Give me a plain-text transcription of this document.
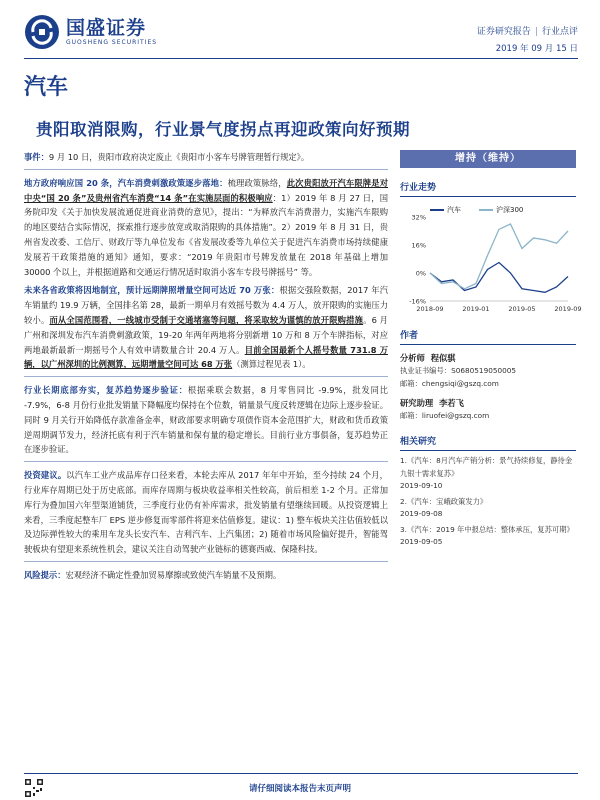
国盛证券
GUOSHENG SECURITIES
证券研究报告 | 行业点评
2019 年 09 月 15 日
汽车
贵阳取消限购，行业景气度拐点再迎政策向好预期

事件：9 月 10 日，贵阳市政府决定废止《贵阳市小客车号牌管理暂行规定》。

地方政府响应国 20 条，汽车消费刺激政策逐步落地：梳理政策脉络，此次贵阳放开汽车限牌是对中央“国 20 条”及贵州省汽车消费“14 条”在实施层面的积极响应：1）2019 年 8 月 27 日，国务院印发《关于加快发展流通促进商业消费的意见》，提出：“为释放汽车消费潜力，实施汽车限购的地区要结合实际情况，探索推行逐步放宽或取消限购的具体措施”。2）2019 年 8 月 31 日，贵州省发改委、工信厅、财政厅等九单位发布《省发展改委等九单位关于促进汽车消费市场持续健康发展若干政策措施的通知》通知，要求：“2019 年贵阳市号牌发放量在 2018 年基础上增加 30000 个以上，并根据道路和交通运行情况适时取消小客车专段号牌摇号” 等。

未来各省政策将因地制宜，预计远期牌照增量空间可达近 70 万张：根据交强险数据，2017 年汽车销量约 19.9 万辆，全国排名第 28，最新一期单月有效摇号数为 4.4 万人，放开限购的实施压力较小。而从全国范围看，一线城市受制于交通堵塞等问题，将采取较为谨慎的放开限购措施。6 月广州和深圳发布汽车消费刺激政策，19-20 年两年两地将分别新增 10 万和 8 万个车牌指标，对应两地最新最新一期摇号个人有效申请数量合计 20.4 万人。目前全国最新个人摇号数量 731.8 万辆，以广州深圳的比例测算，远期增量空间可达 68 万张（测算过程见表 1）。

行业长期底部夯实，复苏趋势逐步验证：根据乘联会数据，8 月零售同比 -9.9%，批发同比 -7.9%，6-8 月份行业批发销量下降幅度均保持在个位数，销量景气度反转逻辑在边际上逐步验证。同时 9 月关行开始降低存款准备金率，财政部要求明确专项债作资本金范围扩大，财政和货币政策逆周期调节发力，经济托底有利于汽车销量和保有量的稳定增长。目前行业方事俱备，复苏趋势正在逐步验证。

投资建议。以汽车工业产成品库存口径来看，本轮去库从 2017 年年中开始，至今持续 24 个月，行业库存周期已处于历史底部。而库存周期与板块收益率相关性较高，前后相差 1-2 个月。正常加库行为叠加国六年型渠道铺货，三季度行业仍有补库需求，批发销量有望继续回暖。从投资逻辑上来看，三季度起整车厂 EPS 逆步修复而零部件将迎来估值修复。建议：1) 整车板块关注估值较低以及边际弹性较大的乘用车龙头长安汽车、吉利汽车、上汽集团；2) 随着市场风险偏好提升，智能驾驶板块有望迎来系统性机会，建议关注自动驾驶产业链标的德赛西威、保隆科技。

风险提示：宏观经济不确定性叠加贸易摩擦或致使汽车销量不及预期。

增持（维持）
行业走势
汽车	沪深300
32%
16%
0%
-16%
2018-09	2019-01	2019-05	2019-09
作者
分析师 程似骐
执业证书编号：S0680519050005
邮箱：chengsiqi@gszq.com
研究助理 李若飞
邮箱：liruofei@gszq.com
相关研究
1.《汽车：8月汽车产销分析：景气持续修复，静待金九银十需求复苏》
2019-09-10
2.《汽车：宝峨政策发力》
2019-09-08
3.《汽车：2019 年中报总结：整体承压，复苏可期》
2019-09-05
请仔细阅读本报告末页声明
